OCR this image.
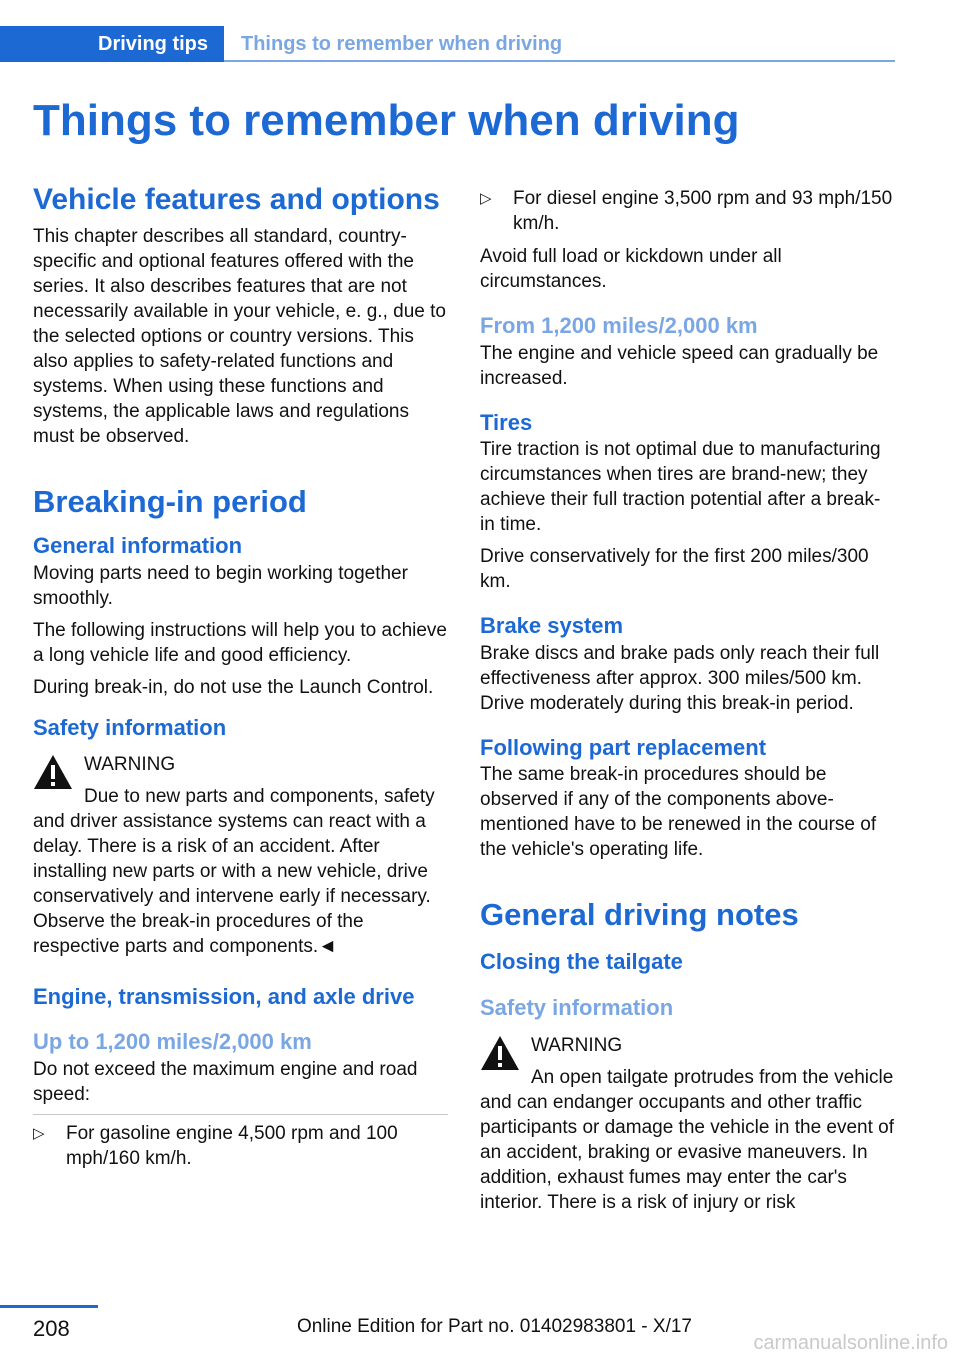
Driving tips Things to remember when driving
Things to remember when driving
Vehicle features and options

This chapter describes all standard, country-specific and optional features offered with the series. It also describes features that are not necessarily available in your vehicle, e. g., due to the selected options or country versions. This also applies to safety-related functions and systems. When using these functions and systems, the applicable laws and regulations must be observed.

Breaking-in period
General information

Moving parts need to begin working together smoothly.

The following instructions will help you to achieve a long vehicle life and good efficiency.

During break-in, do not use the Launch Control.

Safety information
WARNING

Due to new parts and components, safety and driver assistance systems can react with a delay. There is a risk of an accident. After installing new parts or with a new vehicle, drive conservatively and intervene early if necessary. Observe the break-in procedures of the respective parts and components.◄

Engine, transmission, and axle drive
Up to 1,200 miles/2,000 km

Do not exceed the maximum engine and road speed:

▷ For gasoline engine 4,500 rpm and 100 mph/160 km/h.
▷ For diesel engine 3,500 rpm and 93 mph/150 km/h.

Avoid full load or kickdown under all circumstances.

From 1,200 miles/2,000 km

The engine and vehicle speed can gradually be increased.

Tires

Tire traction is not optimal due to manufacturing circumstances when tires are brand-new; they achieve their full traction potential after a break-in time.

Drive conservatively for the first 200 miles/300 km.

Brake system

Brake discs and brake pads only reach their full effectiveness after approx. 300 miles/500 km. Drive moderately during this break-in period.

Following part replacement

The same break-in procedures should be observed if any of the components above-mentioned have to be renewed in the course of the vehicle's operating life.

General driving notes
Closing the tailgate
Safety information
WARNING

An open tailgate protrudes from the vehicle and can endanger occupants and other traffic participants or damage the vehicle in the event of an accident, braking or evasive maneuvers. In addition, exhaust fumes may enter the car's interior. There is a risk of injury or risk

208	Online Edition for Part no. 01402983801 - X/17
carmanualsonline.info
